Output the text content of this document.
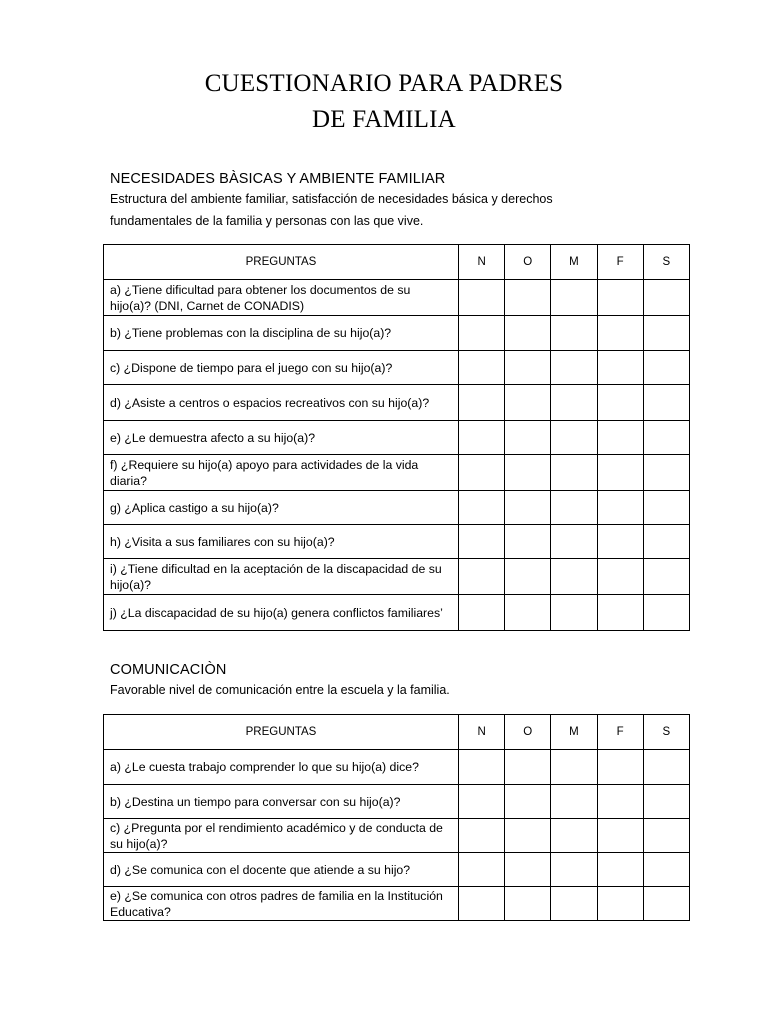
CUESTIONARIO PARA PADRES
DE FAMILIA
NECESIDADES BÀSICAS Y AMBIENTE FAMILIAR
Estructura del ambiente familiar, satisfacción de necesidades básica y derechos
fundamentales de la familia y personas con las que vive.
PREGUNTAS	N	O	M	F	S
a) ¿Tiene dificultad para obtener los documentos de su hijo(a)? (DNI, Carnet de CONADIS)					
b) ¿Tiene problemas con la disciplina de su hijo(a)?					
c) ¿Dispone de tiempo para el juego con su hijo(a)?					
d) ¿Asiste a centros o espacios recreativos con su hijo(a)?					
e) ¿Le demuestra afecto a su hijo(a)?					
f) ¿Requiere su hijo(a) apoyo para actividades de la vida diaria?					
g) ¿Aplica castigo a su hijo(a)?					
h) ¿Visita a sus familiares con su hijo(a)?					
i) ¿Tiene dificultad en la aceptación de la discapacidad de su hijo(a)?					
j) ¿La discapacidad de su hijo(a) genera conflictos familiares’					
COMUNICACIÒN
Favorable nivel de comunicación entre la escuela y la familia.
PREGUNTAS	N	O	M	F	S
a) ¿Le cuesta trabajo comprender lo que su hijo(a) dice?					
b) ¿Destina un tiempo para conversar con su hijo(a)?					
c) ¿Pregunta por el rendimiento académico y de conducta de su hijo(a)?					
d) ¿Se comunica con el docente que atiende a su hijo?					
e) ¿Se comunica con otros padres de familia en la Institución Educativa?					
